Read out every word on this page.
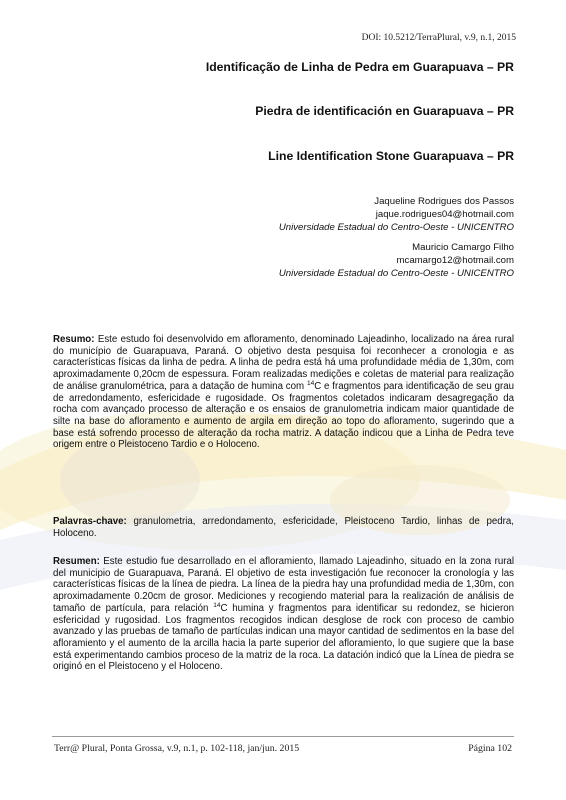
DOI: 10.5212/TerraPlural, v.9, n.1, 2015
Identificação de Linha de Pedra em Guarapuava – PR
Piedra de identificación en Guarapuava – PR
Line Identification Stone Guarapuava – PR
Jaqueline Rodrigues dos Passos
jaque.rodrigues04@hotmail.com
Universidade Estadual do Centro-Oeste - UNICENTRO
Mauricio Camargo Filho
mcamargo12@hotmail.com
Universidade Estadual do Centro-Oeste - UNICENTRO
Resumo: Este estudo foi desenvolvido em afloramento, denominado Lajeadinho, localizado na área rural do município de Guarapuava, Paraná. O objetivo desta pesquisa foi reconhecer a cronologia e as características físicas da linha de pedra. A linha de pedra está há uma profundidade média de 1,30m, com aproximadamente 0,20cm de espessura. Foram realizadas medições e coletas de material para realização de análise granulométrica, para a datação de humina com $^{14}$C e fragmentos para identificação de seu grau de arredondamento, esfericidade e rugosidade. Os fragmentos coletados indicaram desagregação da rocha com avançado processo de alteração e os ensaios de granulometria indicam maior quantidade de silte na base do afloramento e aumento de argila em direção ao topo do afloramento, sugerindo que a base está sofrendo processo de alteração da rocha matriz. A datação indicou que a Linha de Pedra teve origem entre o Pleistoceno Tardio e o Holoceno.
Palavras-chave: granulometria, arredondamento, esfericidade, Pleistoceno Tardio, linhas de pedra, Holoceno.
Resumen: Este estudio fue desarrollado en el afloramiento, llamado Lajeadinho, situado en la zona rural del municipio de Guarapuava, Paraná. El objetivo de esta investigación fue reconocer la cronología y las características físicas de la línea de piedra. La línea de la piedra hay una profundidad media de 1,30m, con aproximadamente 0.20cm de grosor. Mediciones y recogiendo material para la realización de análisis de tamaño de partícula, para relación $^{14}$C humina y fragmentos para identificar su redondez, se hicieron esfericidad y rugosidad. Los fragmentos recogidos indican desglose de rock con proceso de cambio avanzado y las pruebas de tamaño de partículas indican una mayor cantidad de sedimentos en la base del afloramiento y el aumento de la arcilla hacia la parte superior del afloramiento, lo que sugiere que la base está experimentando cambios proceso de la matriz de la roca. La datación indicó que la Línea de piedra se originó en el Pleistoceno y el Holoceno.
Terr@ Plural, Ponta Grossa, v.9, n.1, p. 102-118, jan/jun. 2015	Página 102
